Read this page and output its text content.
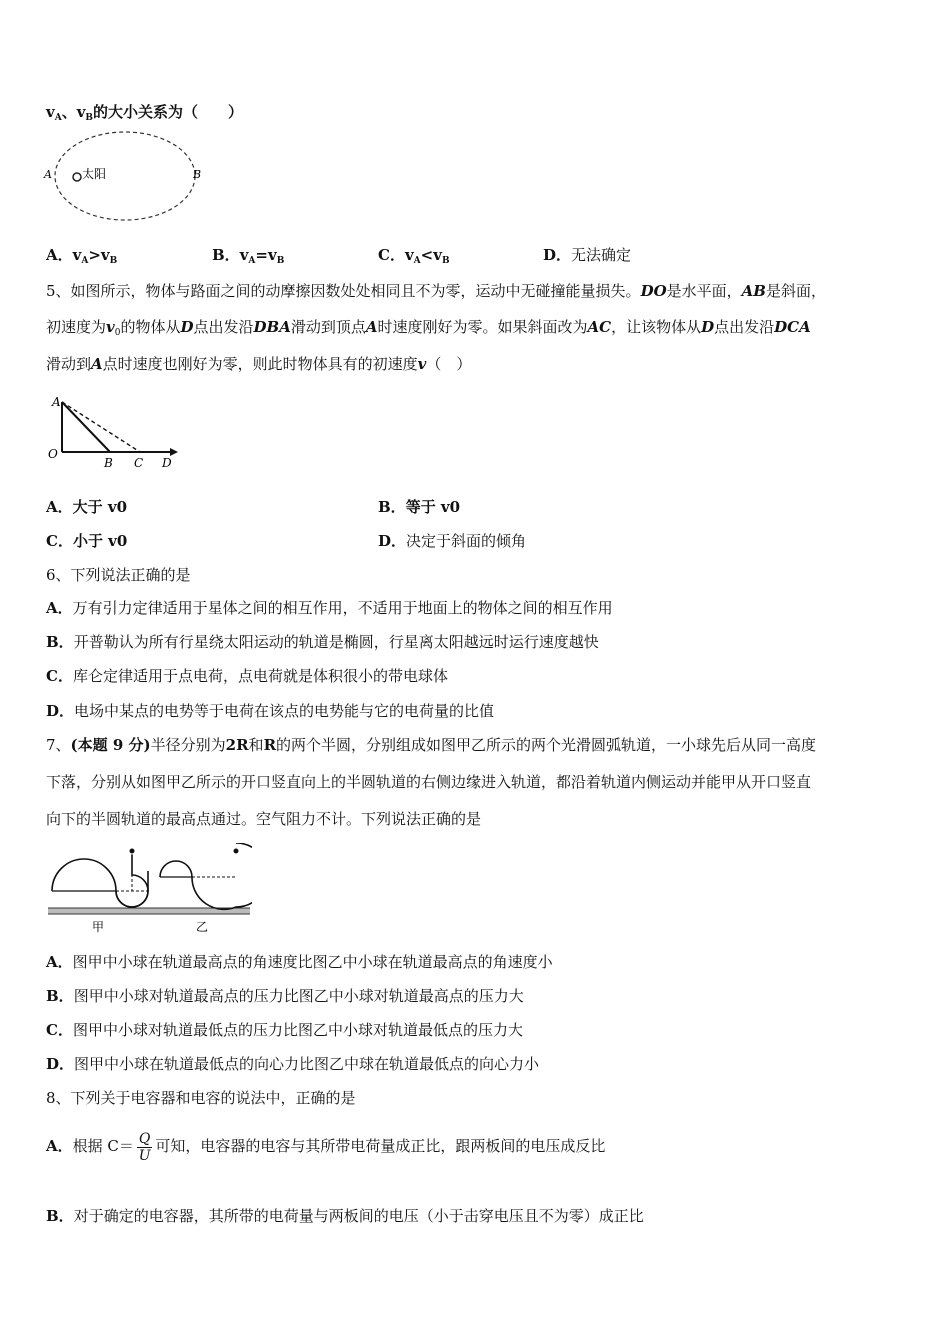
$v_A$、$v_B$的大小关系为（　　）
太阳
A	B
A．$v_A>v_B$	B．$v_A=v_B$	C．$v_A<v_B$	D．无法确定
5、如图所示，物体与路面之间的动摩擦因数处处相同且不为零，运动中无碰撞能量损失。DO是水平面，AB是斜面，
初速度为$v_0$的物体从D点出发沿DBA滑动到顶点A时速度刚好为零。如果斜面改为AC，让该物体从D点出发沿DCA
滑动到A点时速度也刚好为零，则此时物体具有的初速度v（　）
A
O
B C D
A．大于 v0	B．等于 v0
C．小于 v0	D．决定于斜面的倾角
6、下列说法正确的是
A．万有引力定律适用于星体之间的相互作用，不适用于地面上的物体之间的相互作用
B．开普勒认为所有行星绕太阳运动的轨道是椭圆，行星离太阳越远时运行速度越快
C．库仑定律适用于点电荷，点电荷就是体积很小的带电球体
D．电场中某点的电势等于电荷在该点的电势能与它的电荷量的比值
7、(本题 9 分)半径分别为2R和R的两个半圆，分别组成如图甲乙所示的两个光滑圆弧轨道，一小球先后从同一高度
下落，分别从如图甲乙所示的开口竖直向上的半圆轨道的右侧边缘进入轨道，都沿着轨道内侧运动并能甲从开口竖直
向下的半圆轨道的最高点通过。空气阻力不计。下列说法正确的是
甲	乙
A．图甲中小球在轨道最高点的角速度比图乙中小球在轨道最高点的角速度小
B．图甲中小球对轨道最高点的压力比图乙中小球对轨道最高点的压力大
C．图甲中小球对轨道最低点的压力比图乙中小球对轨道最低点的压力大
D．图甲中小球在轨道最低点的向心力比图乙中球在轨道最低点的向心力小
8、下列关于电容器和电容的说法中，正确的是
A．根据 $C= \frac{Q}{U}$ 可知，电容器的电容与其所带电荷量成正比，跟两板间的电压成反比
B．对于确定的电容器，其所带的电荷量与两板间的电压（小于击穿电压且不为零）成正比
